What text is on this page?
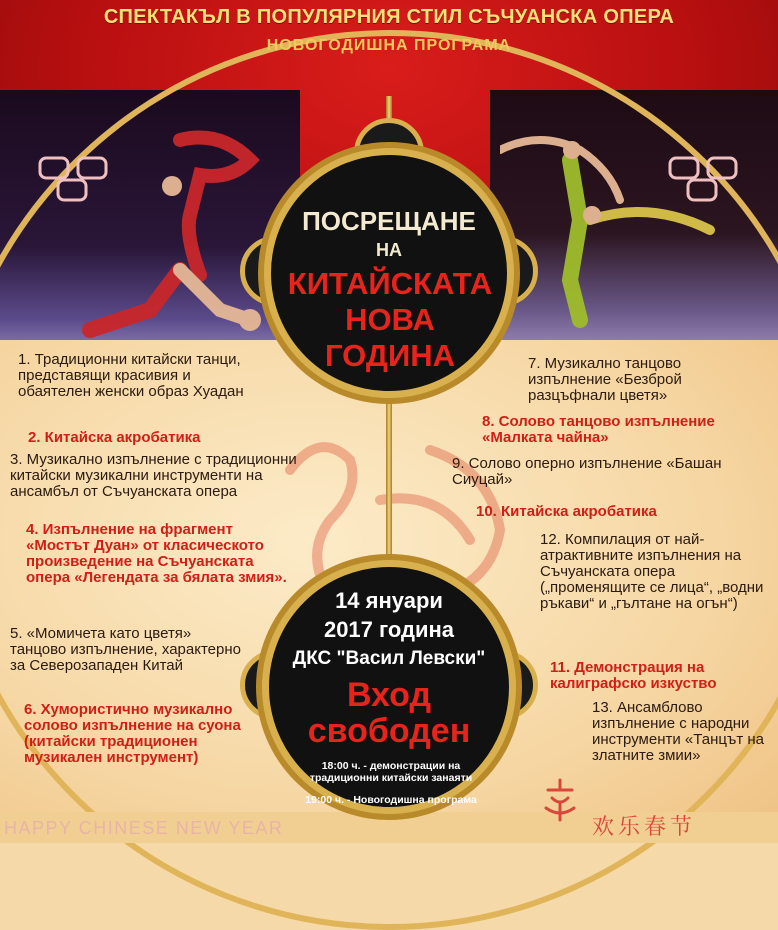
СПЕКТАКЪЛ В ПОПУЛЯРНИЯ СТИЛ СЪЧУАНСКА ОПЕРА
НОВОГОДИШНА ПРОГРАМА
ПОСРЕЩАНЕ
НА
КИТАЙСКАТА
НОВА
ГОДИНА
14 януари
2017 година
ДКС "Васил Левски"
Вход
свободен
18:00 ч. - демонстрации на традиционни китайски занаяти
19:00 ч. - Новогодишна програма
1. Традиционни китайски танци, представящи красивия и обаятелен женски образ Хуадан
2. Китайска акробатика
3. Музикално изпълнение с традиционни китайски музикални инструменти на ансамбъл от Съчуанската опера
4. Изпълнение на фрагмент «Мостът Дуан» от класическото произведение на Съчуанската опера «Легендата за бялата змия».
5. «Момичета като цветя» танцово изпълнение, характерно за Северозападен Китай
6. Хумористично музикално солово изпълнение на суона (китайски традиционен музикален инструмент)
7. Музикално танцово изпълнение «Безброй разцъфнали цветя»
8. Солово танцово изпълнение «Малката чайна»
9. Солово оперно изпълнение «Башан Сиуцай»
10. Китайска акробатика
12. Компилация от най-атрактивните изпълнения на Съчуанската опера („променящите се лица“, „водни ръкави“ и „гълтане на огън“)
11. Демонстрация на калиграфско изкуство
13. Ансамблово изпълнение с народни инструменти «Танцът на златните змии»
HAPPY CHINESE NEW YEAR	欢乐春节
